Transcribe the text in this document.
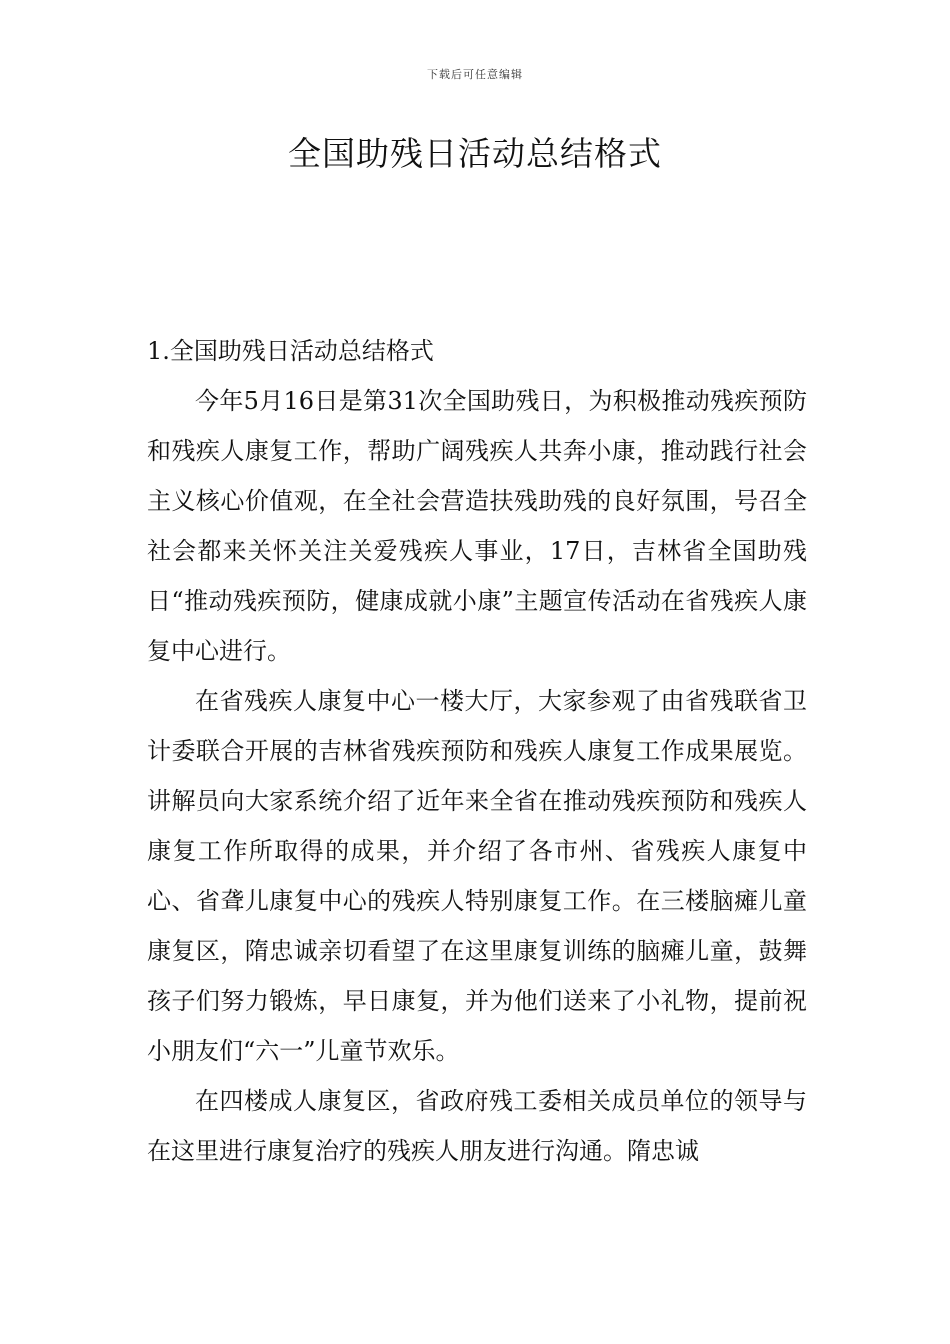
下载后可任意编辑
全国助残日活动总结格式

1.全国助残日活动总结格式

今年5月16日是第31次全国助残日，为积极推动残疾预防和残疾人康复工作，帮助广阔残疾人共奔小康，推动践行社会主义核心价值观，在全社会营造扶残助残的良好氛围，号召全社会都来关怀关注关爱残疾人事业，17日，吉林省全国助残日“推动残疾预防，健康成就小康”主题宣传活动在省残疾人康复中心进行。

在省残疾人康复中心一楼大厅，大家参观了由省残联省卫计委联合开展的吉林省残疾预防和残疾人康复工作成果展览。讲解员向大家系统介绍了近年来全省在推动残疾预防和残疾人康复工作所取得的成果，并介绍了各市州、省残疾人康复中心、省聋儿康复中心的残疾人特别康复工作。在三楼脑瘫儿童康复区，隋忠诚亲切看望了在这里康复训练的脑瘫儿童，鼓舞孩子们努力锻炼，早日康复，并为他们送来了小礼物，提前祝小朋友们“六一”儿童节欢乐。

在四楼成人康复区，省政府残工委相关成员单位的领导与在这里进行康复治疗的残疾人朋友进行沟通。隋忠诚
